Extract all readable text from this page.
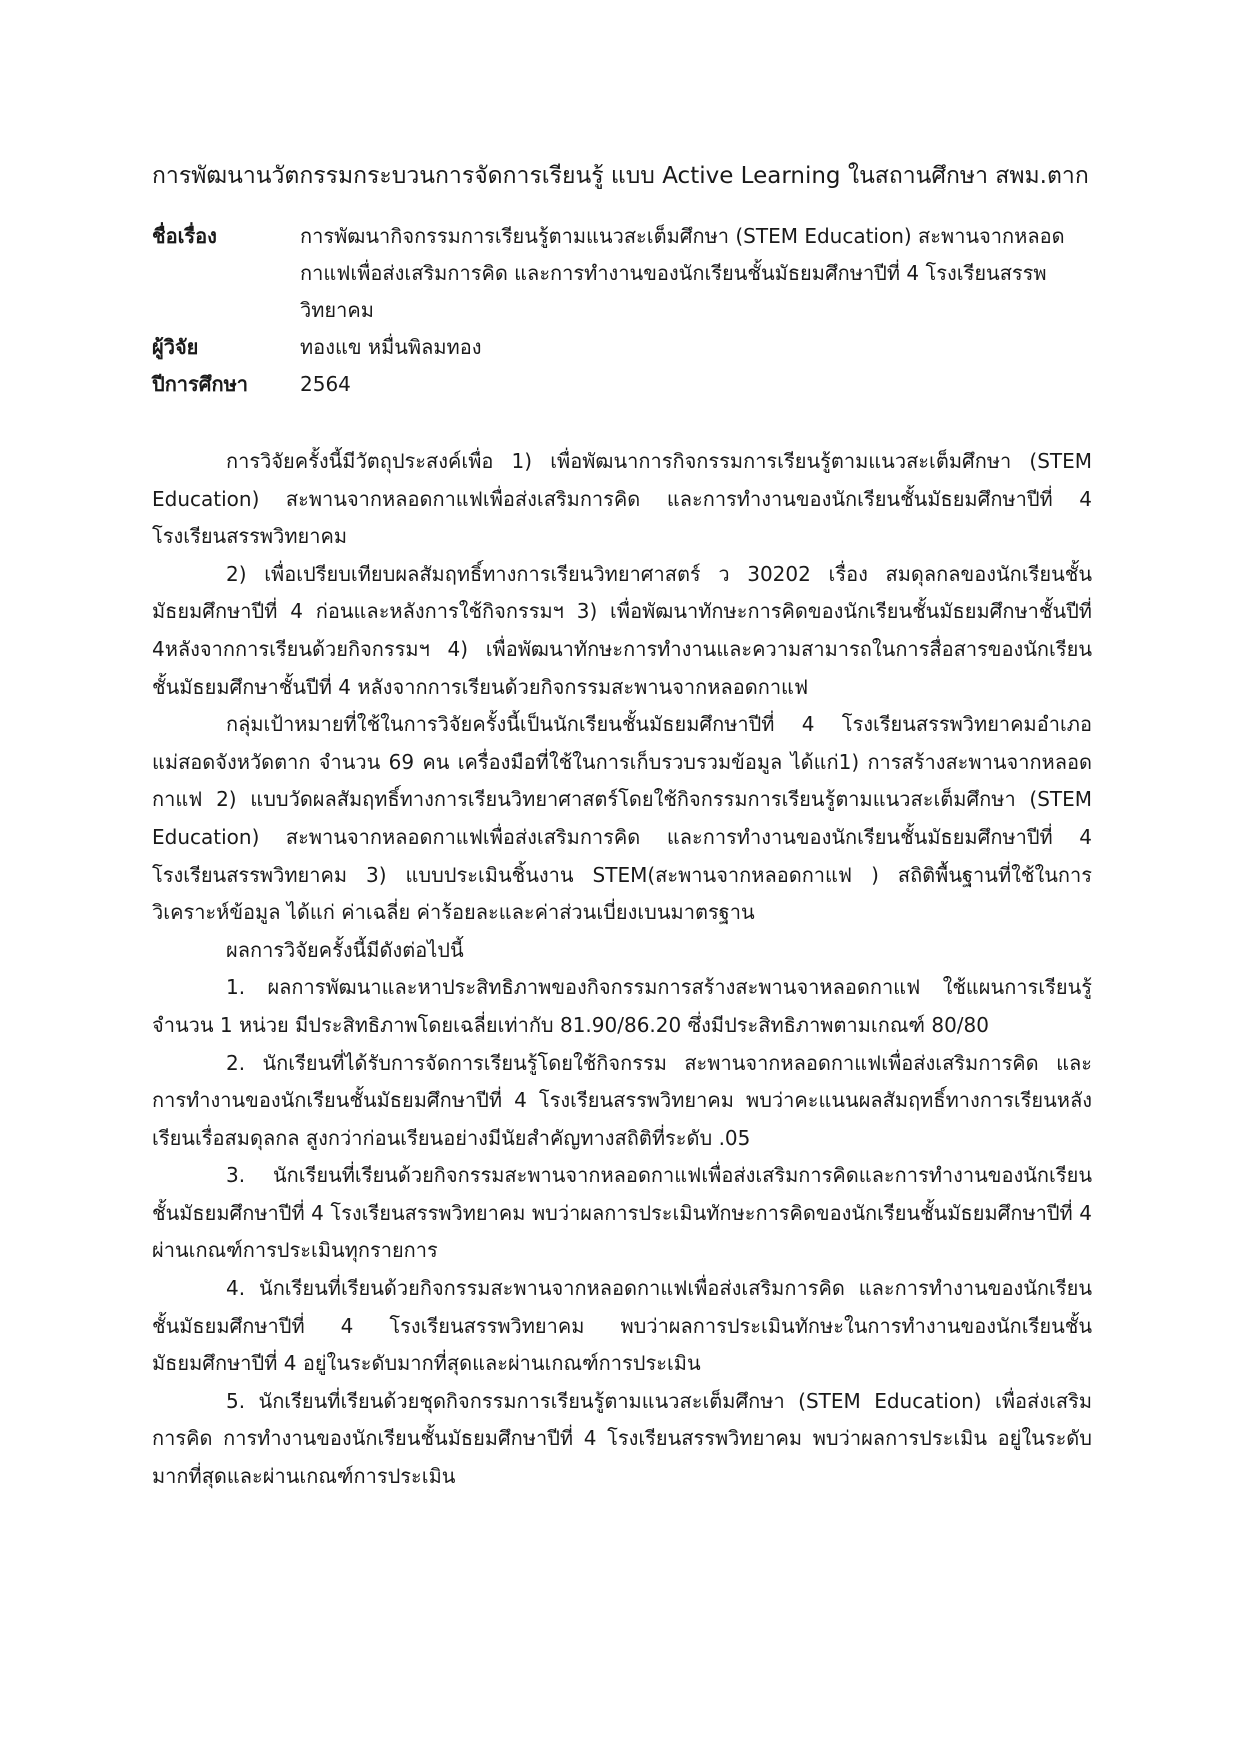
การพัฒนานวัตกรรมกระบวนการจัดการเรียนรู้ แบบ Active Learning ในสถานศึกษา สพม.ตาก
ชื่อเรื่อง	การพัฒนากิจกรรมการเรียนรู้ตามแนวสะเต็มศึกษา (STEM Education) สะพานจากหลอดกาแฟเพื่อส่งเสริมการคิด และการทำงานของนักเรียนชั้นมัธยมศึกษาปีที่ 4 โรงเรียนสรรพวิทยาคม
ผู้วิจัย	ทองแข หมื่นพิลมทอง
ปีการศึกษา	2564

การวิจัยครั้งนี้มีวัตถุประสงค์เพื่อ 1) เพื่อพัฒนาการกิจกรรมการเรียนรู้ตามแนวสะเต็มศึกษา (STEM Education) สะพานจากหลอดกาแฟเพื่อส่งเสริมการคิด และการทำงานของนักเรียนชั้นมัธยมศึกษาปีที่ 4 โรงเรียนสรรพวิทยาคม

2) เพื่อเปรียบเทียบผลสัมฤทธิ์ทางการเรียนวิทยาศาสตร์ ว 30202 เรื่อง สมดุลกลของนักเรียนชั้นมัธยมศึกษาปีที่ 4 ก่อนและหลังการใช้กิจกรรมฯ 3) เพื่อพัฒนาทักษะการคิดของนักเรียนชั้นมัธยมศึกษาชั้นปีที่ 4หลังจากการเรียนด้วยกิจกรรมฯ 4) เพื่อพัฒนาทักษะการทำงานและความสามารถในการสื่อสารของนักเรียนชั้นมัธยมศึกษาชั้นปีที่ 4 หลังจากการเรียนด้วยกิจกรรมสะพานจากหลอดกาแฟ

กลุ่มเป้าหมายที่ใช้ในการวิจัยครั้งนี้เป็นนักเรียนชั้นมัธยมศึกษาปีที่ 4 โรงเรียนสรรพวิทยาคมอำเภอแม่สอดจังหวัดตาก จำนวน 69 คน เครื่องมือที่ใช้ในการเก็บรวบรวมข้อมูล ได้แก่1) การสร้างสะพานจากหลอดกาแฟ 2) แบบวัดผลสัมฤทธิ์ทางการเรียนวิทยาศาสตร์โดยใช้กิจกรรมการเรียนรู้ตามแนวสะเต็มศึกษา (STEM Education) สะพานจากหลอดกาแฟเพื่อส่งเสริมการคิด และการทำงานของนักเรียนชั้นมัธยมศึกษาปีที่ 4 โรงเรียนสรรพวิทยาคม 3) แบบประเมินชิ้นงาน STEM(สะพานจากหลอดกาแฟ ) สถิติพื้นฐานที่ใช้ในการวิเคราะห์ข้อมูล ได้แก่ ค่าเฉลี่ย ค่าร้อยละและค่าส่วนเบี่ยงเบนมาตรฐาน

ผลการวิจัยครั้งนี้มีดังต่อไปนี้

1. ผลการพัฒนาและหาประสิทธิภาพของกิจกรรมการสร้างสะพานจาหลอดกาแฟ ใช้แผนการเรียนรู้ จำนวน 1 หน่วย มีประสิทธิภาพโดยเฉลี่ยเท่ากับ 81.90/86.20 ซึ่งมีประสิทธิภาพตามเกณฑ์ 80/80

2. นักเรียนที่ได้รับการจัดการเรียนรู้โดยใช้กิจกรรม สะพานจากหลอดกาแฟเพื่อส่งเสริมการคิด และการทำงานของนักเรียนชั้นมัธยมศึกษาปีที่ 4 โรงเรียนสรรพวิทยาคม พบว่าคะแนนผลสัมฤทธิ์ทางการเรียนหลังเรียนเรื่อสมดุลกล สูงกว่าก่อนเรียนอย่างมีนัยสำคัญทางสถิติที่ระดับ .05

3. นักเรียนที่เรียนด้วยกิจกรรมสะพานจากหลอดกาแฟเพื่อส่งเสริมการคิดและการทำงานของนักเรียนชั้นมัธยมศึกษาปีที่ 4 โรงเรียนสรรพวิทยาคม พบว่าผลการประเมินทักษะการคิดของนักเรียนชั้นมัธยมศึกษาปีที่ 4 ผ่านเกณฑ์การประเมินทุกรายการ

4. นักเรียนที่เรียนด้วยกิจกรรมสะพานจากหลอดกาแฟเพื่อส่งเสริมการคิด และการทำงานของนักเรียนชั้นมัธยมศึกษาปีที่ 4 โรงเรียนสรรพวิทยาคม พบว่าผลการประเมินทักษะในการทำงานของนักเรียนชั้นมัธยมศึกษาปีที่ 4 อยู่ในระดับมากที่สุดและผ่านเกณฑ์การประเมิน

5. นักเรียนที่เรียนด้วยชุดกิจกรรมการเรียนรู้ตามแนวสะเต็มศึกษา (STEM Education) เพื่อส่งเสริมการคิด การทำงานของนักเรียนชั้นมัธยมศึกษาปีที่ 4 โรงเรียนสรรพวิทยาคม พบว่าผลการประเมิน อยู่ในระดับมากที่สุดและผ่านเกณฑ์การประเมิน
